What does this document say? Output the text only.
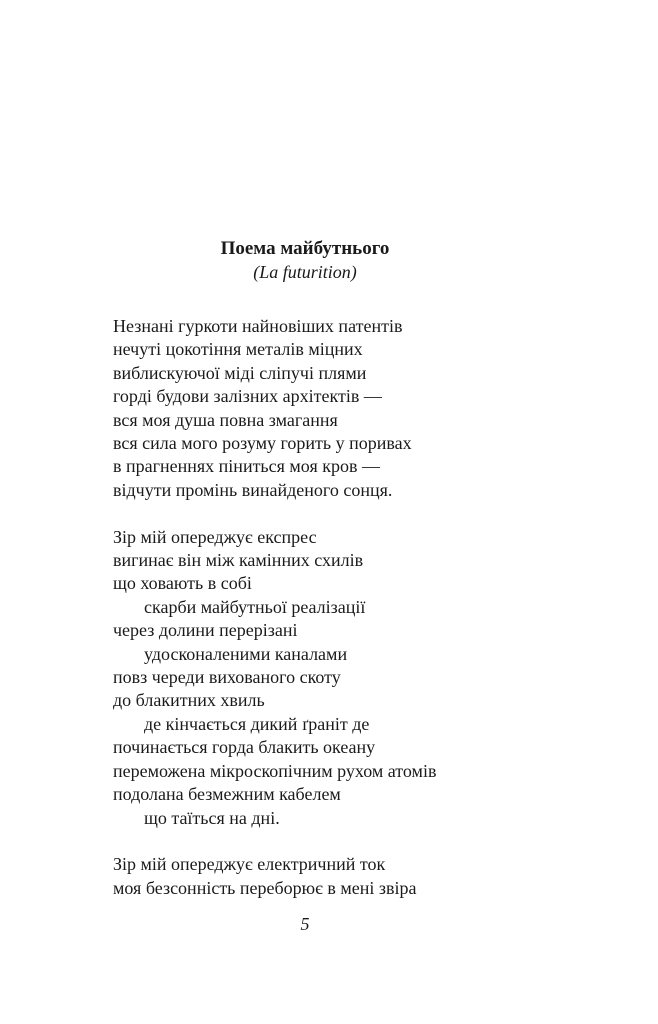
Поема майбутнього
(La futurition)
Незнані гуркоти найновіших патентів
нечуті цокотіння металів міцних
виблискуючої міді сліпучі плями
горді будови залізних архітектів —
вся моя душа повна змагання
вся сила мого розуму горить у поривах
в прагненнях піниться моя кров —
відчути промінь винайденого сонця.
Зір мій опереджує експрес
вигинає він між камінних схилів
що ховають в собі
скарби майбутньої реалізації
через долини перерізані
удосконаленими каналами
повз череди вихованого скоту
до блакитних хвиль
де кінчається дикий ґраніт де
починається горда блакить океану
переможена мікроскопічним рухом атомів
подолана безмежним кабелем
що таїться на дні.
Зір мій опереджує електричний ток
моя безсонність переборює в мені звіра
5
